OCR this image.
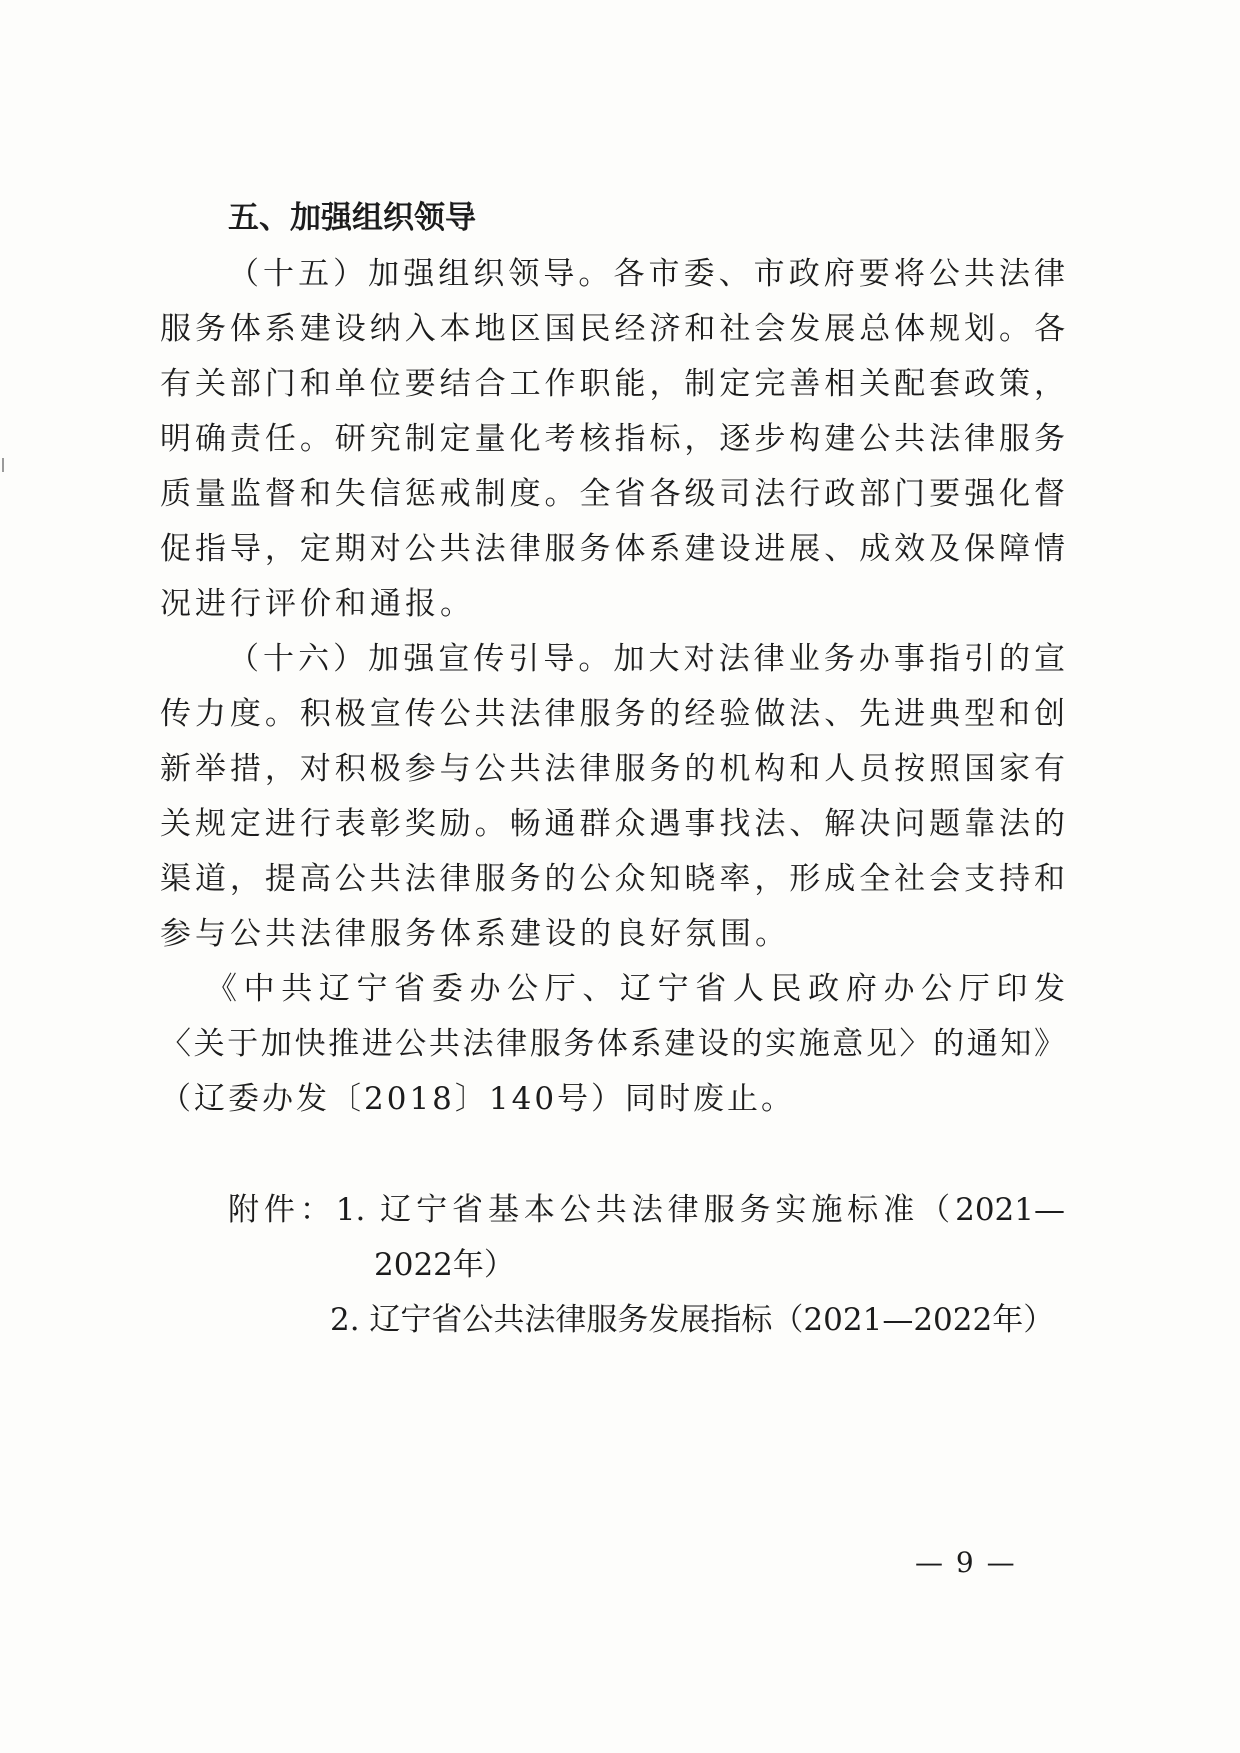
五、加强组织领导
（十五）加强组织领导。各市委、市政府要将公共法律
服务体系建设纳入本地区国民经济和社会发展总体规划。各
有关部门和单位要结合工作职能，制定完善相关配套政策，
明确责任。研究制定量化考核指标，逐步构建公共法律服务
质量监督和失信惩戒制度。全省各级司法行政部门要强化督
促指导，定期对公共法律服务体系建设进展、成效及保障情
况进行评价和通报。
（十六）加强宣传引导。加大对法律业务办事指引的宣
传力度。积极宣传公共法律服务的经验做法、先进典型和创
新举措，对积极参与公共法律服务的机构和人员按照国家有
关规定进行表彰奖励。畅通群众遇事找法、解决问题靠法的
渠道，提高公共法律服务的公众知晓率，形成全社会支持和
参与公共法律服务体系建设的良好氛围。
《中共辽宁省委办公厅、辽宁省人民政府办公厅印发
〈关于加快推进公共法律服务体系建设的实施意见〉的通知》
（辽委办发〔2018〕140号）同时废止。
附件：1. 辽宁省基本公共法律服务实施标准（2021—
2022年）
2. 辽宁省公共法律服务发展指标（2021—2022年）
— 9 —
